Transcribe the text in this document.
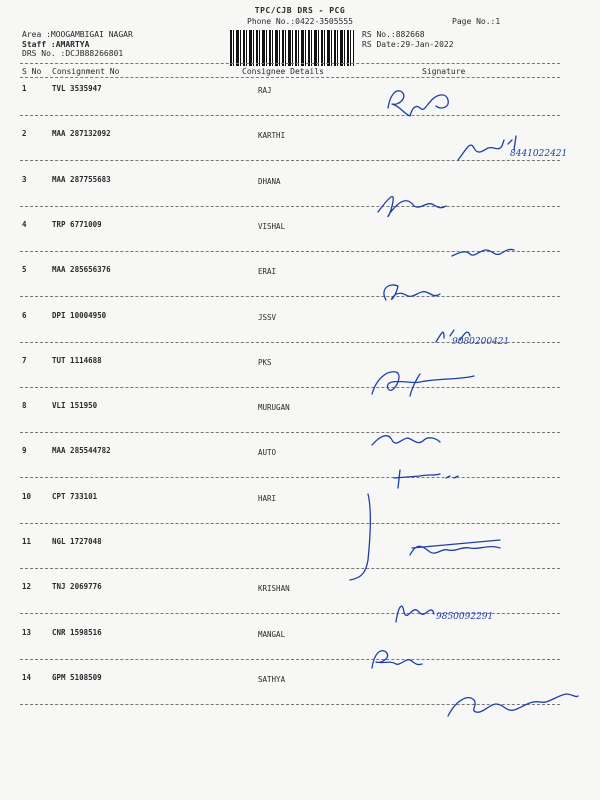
TPC/CJB DRS - PCG
Phone No.:0422-3505555	Page No.:1
Area :MOOGAMBIGAI NAGAR
Staff :AMARTYA
DRS No. :DCJB88266801
RS No.:882668
RS Date:29-Jan-2022
S No Consignment No	Consignee Details	Signature
1	TVL 3535947	RAJ
2	MAA 287132092	KARTHI
3	MAA 287755683	DHANA
4	TRP 6771009	VISHAL
5	MAA 285656376	ERAI
6	DPI 10004950	JSSV
7	TUT 1114688	PKS
8	VLI 151950	MURUGAN
9	MAA 285544782	AUTO
10	CPT 733101	HARI
11	NGL 1727048
12	TNJ 2069776	KRISHAN
13	CNR 1598516	MANGAL
14	GPM 5108509	SATHYA
8441022421
9080200421
9850092291
